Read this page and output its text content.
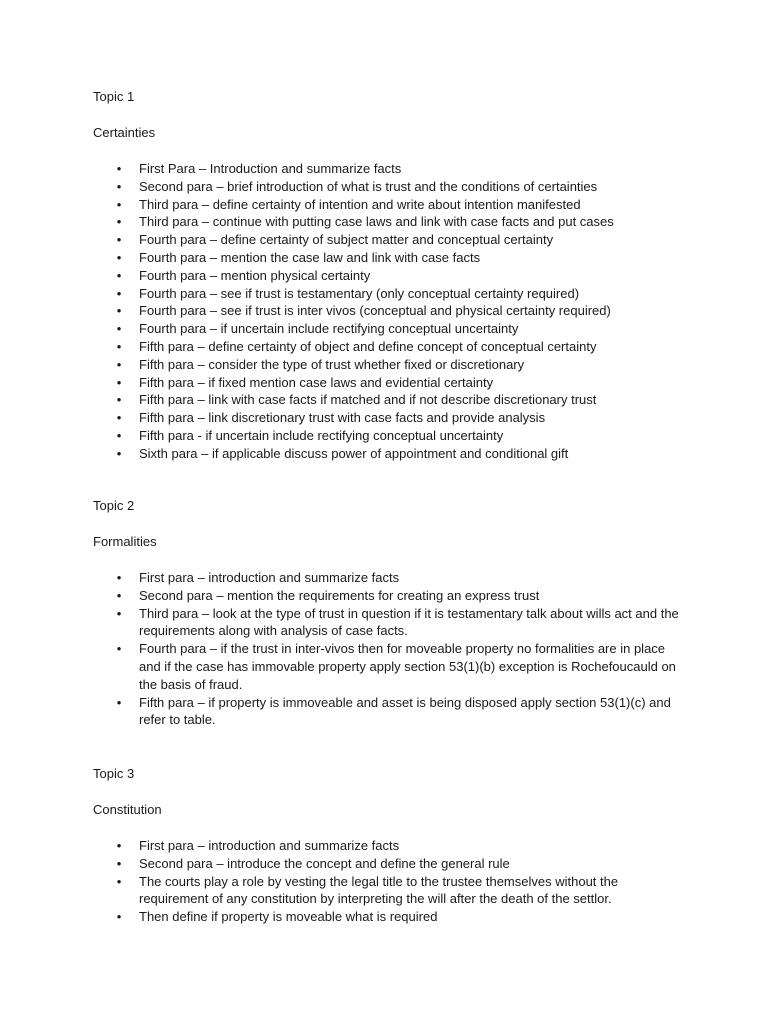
Topic 1

Certainties

• First Para – Introduction and summarize facts
• Second para – brief introduction of what is trust and the conditions of certainties
• Third para – define certainty of intention and write about intention manifested
• Third para – continue with putting case laws and link with case facts and put cases
• Fourth para – define certainty of subject matter and conceptual certainty
• Fourth para – mention the case law and link with case facts
• Fourth para – mention physical certainty
• Fourth para – see if trust is testamentary (only conceptual certainty required)
• Fourth para – see if trust is inter vivos (conceptual and physical certainty required)
• Fourth para – if uncertain include rectifying conceptual uncertainty
• Fifth para – define certainty of object and define concept of conceptual certainty
• Fifth para – consider the type of trust whether fixed or discretionary
• Fifth para – if fixed mention case laws and evidential certainty
• Fifth para – link with case facts if matched and if not describe discretionary trust
• Fifth para – link discretionary trust with case facts and provide analysis
• Fifth para - if uncertain include rectifying conceptual uncertainty
• Sixth para – if applicable discuss power of appointment and conditional gift

Topic 2

Formalities

• First para – introduction and summarize facts
• Second para – mention the requirements for creating an express trust
• Third para – look at the type of trust in question if it is testamentary talk about wills act and the requirements along with analysis of case facts.
• Fourth para – if the trust in inter-vivos then for moveable property no formalities are in place and if the case has immovable property apply section 53(1)(b) exception is Rochefoucauld on the basis of fraud.
• Fifth para – if property is immoveable and asset is being disposed apply section 53(1)(c) and refer to table.

Topic 3

Constitution

• First para – introduction and summarize facts
• Second para – introduce the concept and define the general rule
• The courts play a role by vesting the legal title to the trustee themselves without the requirement of any constitution by interpreting the will after the death of the settlor.
• Then define if property is moveable what is required
